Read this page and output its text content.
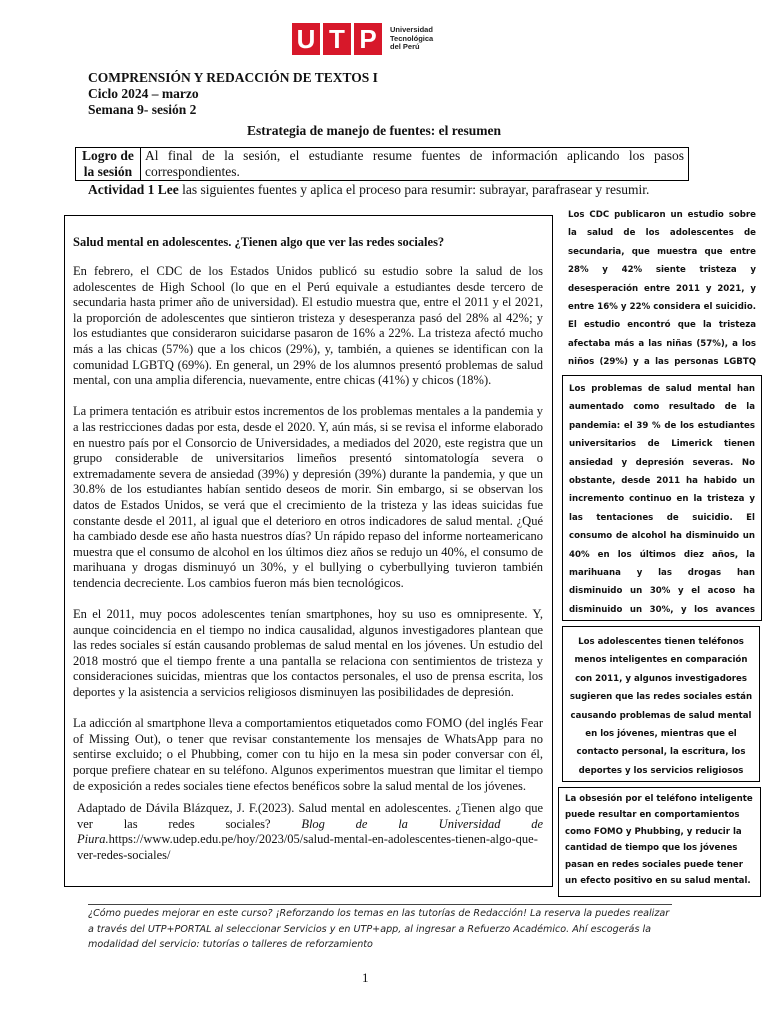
U T P	Universidad
Tecnológica
del Perú
COMPRENSIÓN Y REDACCIÓN DE TEXTOS I
Ciclo 2024 – marzo
Semana 9- sesión 2
Estrategia de manejo de fuentes: el resumen
Logro de la sesión	Al final de la sesión, el estudiante resume fuentes de información aplicando los pasos correspondientes.
Actividad 1 Lee las siguientes fuentes y aplica el proceso para resumir: subrayar, parafrasear y resumir.
Salud mental en adolescentes. ¿Tienen algo que ver las redes sociales?

En febrero, el CDC de los Estados Unidos publicó su estudio sobre la salud de los adolescentes de High School (lo que en el Perú equivale a estudiantes desde tercero de secundaria hasta primer año de universidad). El estudio muestra que, entre el 2011 y el 2021, la proporción de adolescentes que sintieron tristeza y desesperanza pasó del 28% al 42%; y los estudiantes que consideraron suicidarse pasaron de 16% a 22%. La tristeza afectó mucho más a las chicas (57%) que a los chicos (29%), y, también, a quienes se identifican con la comunidad LGBTQ (69%). En general, un 29% de los alumnos presentó problemas de salud mental, con una amplia diferencia, nuevamente, entre chicas (41%) y chicos (18%).

La primera tentación es atribuir estos incrementos de los problemas mentales a la pandemia y a las restricciones dadas por esta, desde el 2020. Y, aún más, si se revisa el informe elaborado en nuestro país por el Consorcio de Universidades, a mediados del 2020, este registra que un grupo considerable de universitarios limeños presentó sintomatología severa o extremadamente severa de ansiedad (39%) y depresión (39%) durante la pandemia, y que un 30.8% de los estudiantes habían sentido deseos de morir. Sin embargo, si se observan los datos de Estados Unidos, se verá que el crecimiento de la tristeza y las ideas suicidas fue constante desde el 2011, al igual que el deterioro en otros indicadores de salud mental. ¿Qué ha cambiado desde ese año hasta nuestros días? Un rápido repaso del informe norteamericano muestra que el consumo de alcohol en los últimos diez años se redujo un 40%, el consumo de marihuana y drogas disminuyó un 30%, y el bullying o cyberbullying tuvieron también tendencia decreciente. Los cambios fueron más bien tecnológicos.

En el 2011, muy pocos adolescentes tenían smartphones, hoy su uso es omnipresente. Y, aunque coincidencia en el tiempo no indica causalidad, algunos investigadores plantean que las redes sociales sí están causando problemas de salud mental en los jóvenes. Un estudio del 2018 mostró que el tiempo frente a una pantalla se relaciona con sentimientos de tristeza y consideraciones suicidas, mientras que los contactos personales, el uso de prensa escrita, los deportes y la asistencia a servicios religiosos disminuyen las posibilidades de depresión.

La adicción al smartphone lleva a comportamientos etiquetados como FOMO (del inglés Fear of Missing Out), o tener que revisar constantemente los mensajes de WhatsApp para no sentirse excluido; o el Phubbing, comer con tu hijo en la mesa sin poder conversar con él, porque prefiere chatear en su teléfono. Algunos experimentos muestran que limitar el tiempo de exposición a redes sociales tiene efectos benéficos sobre la salud mental de los jóvenes.

Adaptado de Dávila Blázquez, J. F.(2023). Salud mental en adolescentes. ¿Tienen algo que ver las redes sociales? Blog de la Universidad de Piura.https://www.udep.edu.pe/hoy/2023/05/salud-mental-en-adolescentes-tienen-algo-que-ver-redes-sociales/
Los CDC publicaron un estudio sobre la salud de los adolescentes de secundaria, que muestra que entre 28% y 42% siente tristeza y desesperación entre 2011 y 2021, y entre 16% y 22% considera el suicidio. El estudio encontró que la tristeza afectaba más a las niñas (57%), a los niños (29%) y a las personas LGBTQ
Los problemas de salud mental han aumentado como resultado de la pandemia: el 39 % de los estudiantes universitarios de Limerick tienen ansiedad y depresión severas. No obstante, desde 2011 ha habido un incremento continuo en la tristeza y las tentaciones de suicidio. El consumo de alcohol ha disminuido un 40% en los últimos diez años, la marihuana y las drogas han disminuido un 30% y el acoso ha disminuido un 30%, y los avances
Los adolescentes tienen teléfonos menos inteligentes en comparación con 2011, y algunos investigadores sugieren que las redes sociales están causando problemas de salud mental en los jóvenes, mientras que el contacto personal, la escritura, los deportes y los servicios religiosos
La obsesión por el teléfono inteligente puede resultar en comportamientos como FOMO y Phubbing, y reducir la cantidad de tiempo que los jóvenes pasan en redes sociales puede tener un efecto positivo en su salud mental.
¿Cómo puedes mejorar en este curso? ¡Reforzando los temas en las tutorías de Redacción! La reserva la puedes realizar a través del UTP+PORTAL al seleccionar Servicios y en UTP+app, al ingresar a Refuerzo Académico. Ahí escogerás la modalidad del servicio: tutorías o talleres de reforzamiento
1
